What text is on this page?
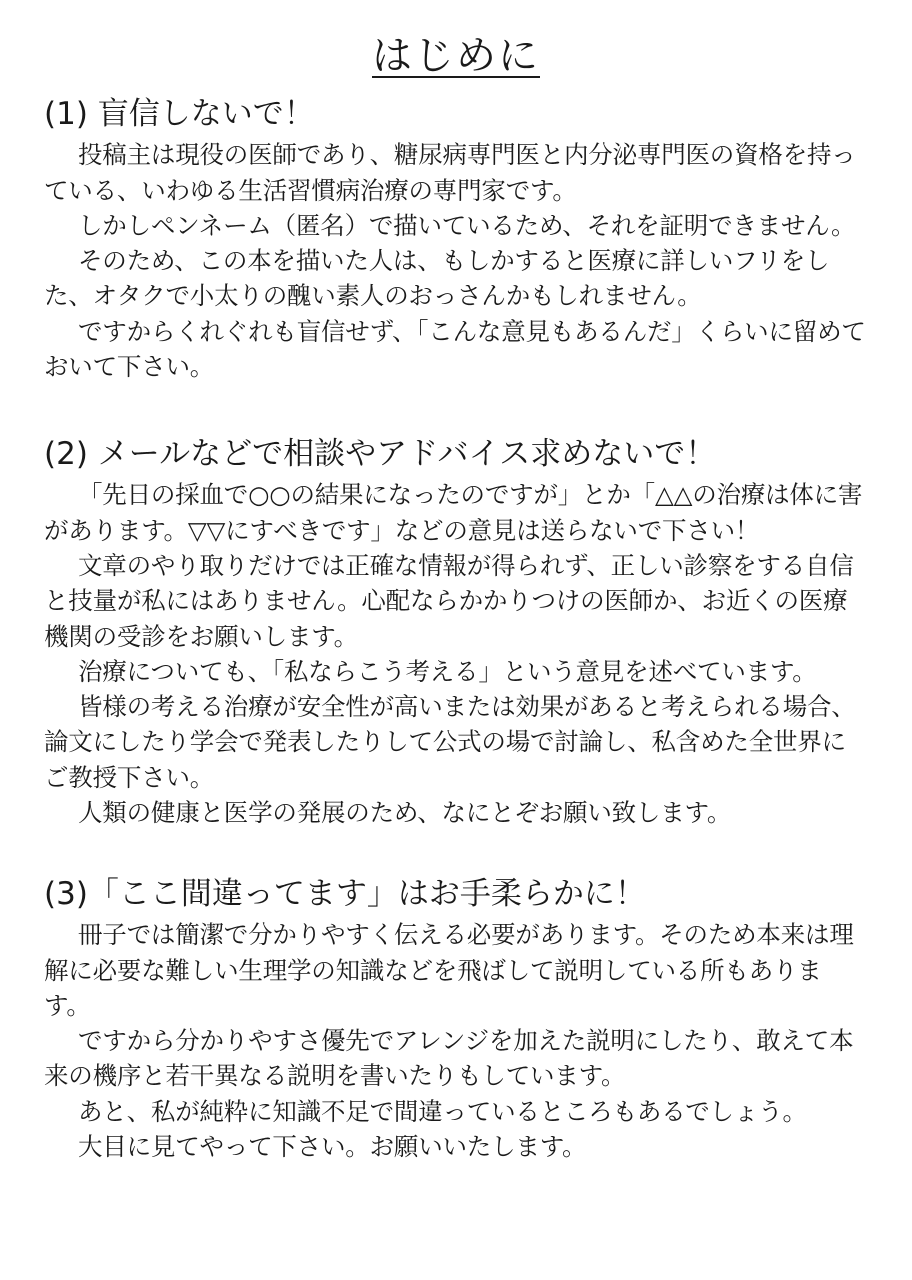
はじめに
(1) 盲信しないで！

投稿主は現役の医師であり、糖尿病専門医と内分泌専門医の資格を持っている、いわゆる生活習慣病治療の専門家です。

しかしペンネーム（匿名）で描いているため、それを証明できません。

そのため、この本を描いた人は、もしかすると医療に詳しいフリをした、オタクで小太りの醜い素人のおっさんかもしれません。

ですからくれぐれも盲信せず、「こんな意見もあるんだ」くらいに留めておいて下さい。

(2) メールなどで相談やアドバイス求めないで！

「先日の採血で○○の結果になったのですが」とか「△△の治療は体に害があります。▽▽にすべきです」などの意見は送らないで下さい！

文章のやり取りだけでは正確な情報が得られず、正しい診察をする自信と技量が私にはありません。心配ならかかりつけの医師か、お近くの医療機関の受診をお願いします。

治療についても、「私ならこう考える」という意見を述べています。

皆様の考える治療が安全性が高いまたは効果があると考えられる場合、論文にしたり学会で発表したりして公式の場で討論し、私含めた全世界にご教授下さい。

人類の健康と医学の発展のため、なにとぞお願い致します。

(3)「ここ間違ってます」はお手柔らかに！

冊子では簡潔で分かりやすく伝える必要があります。そのため本来は理解に必要な難しい生理学の知識などを飛ばして説明している所もあります。

ですから分かりやすさ優先でアレンジを加えた説明にしたり、敢えて本来の機序と若干異なる説明を書いたりもしています。

あと、私が純粋に知識不足で間違っているところもあるでしょう。

大目に見てやって下さい。お願いいたします。
